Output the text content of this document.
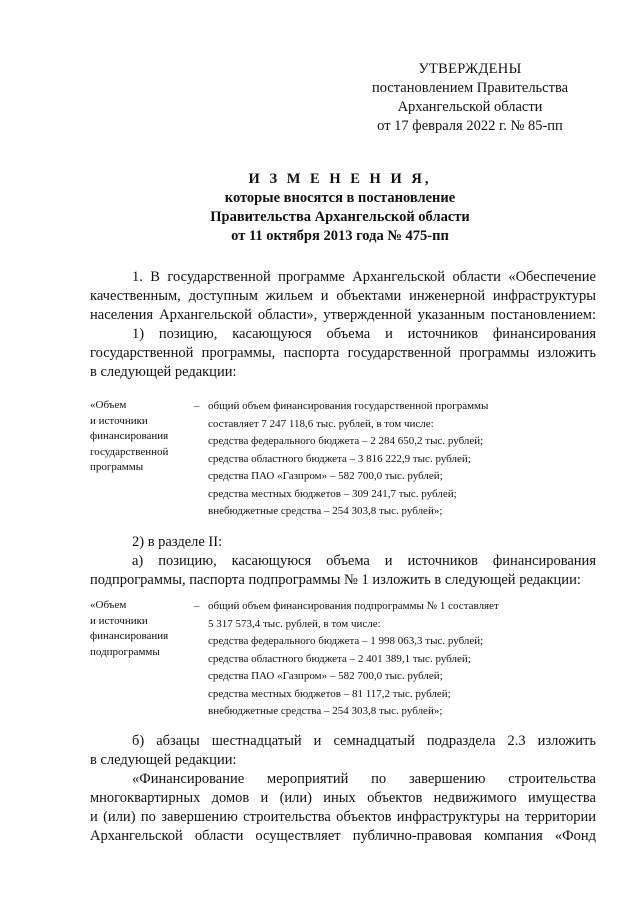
УТВЕРЖДЕНЫ
постановлением Правительства
Архангельской области
от 17 февраля 2022 г. № 85-пп
И З М Е Н Е Н И Я,
которые вносятся в постановление
Правительства Архангельской области
от 11 октября 2013 года № 475-пп

1. В государственной программе Архангельской области «Обеспечение

качественным, доступным жильем и объектами инженерной инфраструктуры

населения Архангельской области», утвержденной указанным постановлением:

1) позицию, касающуюся объема и источников финансирования

государственной программы, паспорта государственной программы изложить

в следующей редакции:

«Объем
и источники
финансирования
государственной
программы
– общий объем финансирования государственной программы
составляет 7 247 118,6 тыс. рублей, в том числе:
средства федерального бюджета – 2 284 650,2 тыс. рублей;
средства областного бюджета – 3 816 222,9 тыс. рублей;
средства ПАО «Газпром» – 582 700,0 тыс. рублей;
средства местных бюджетов – 309 241,7 тыс. рублей;
внебюджетные средства – 254 303,8 тыс. рублей»;

2) в разделе II:

а) позицию, касающуюся объема и источников финансирования

подпрограммы, паспорта подпрограммы № 1 изложить в следующей редакции:

«Объем
и источники
финансирования
подпрограммы
– общий объем финансирования подпрограммы № 1 составляет
5 317 573,4 тыс. рублей, в том числе:
средства федерального бюджета – 1 998 063,3 тыс. рублей;
средства областного бюджета – 2 401 389,1 тыс. рублей;
средства ПАО «Газпром» – 582 700,0 тыс. рублей;
средства местных бюджетов – 81 117,2 тыс. рублей;
внебюджетные средства – 254 303,8 тыс. рублей»;

б) абзацы шестнадцатый и семнадцатый подраздела 2.3 изложить

в следующей редакции:

«Финансирование мероприятий по завершению строительства

многоквартирных домов и (или) иных объектов недвижимого имущества

и (или) по завершению строительства объектов инфраструктуры на территории

Архангельской области осуществляет публично-правовая компания «Фонд
